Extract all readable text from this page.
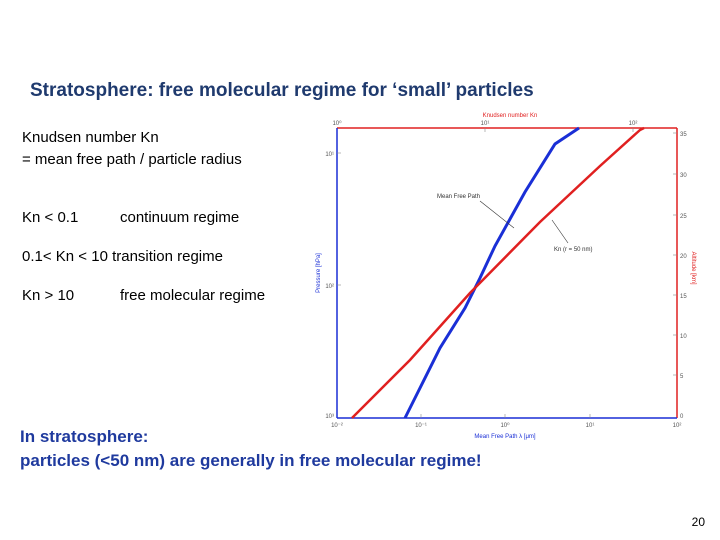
Stratosphere: free molecular regime for ‘small’ particles
Knudsen number Kn
= mean free path / particle radius
Kn < 0.1	continuum regime
0.1< Kn < 10 transition regime
Kn > 10	free molecular regime
10⁰	10¹	10²
Knudsen number Kn
10⁻²	10⁻¹	10⁰	10¹	10²
Mean Free Path λ [μm]
10¹
10²
10³
Pressure [hPa]
35
30
25
20
15
10
5
0
Altitude [km]
Mean Free Path
Kn (r = 50 nm)
In stratosphere:
particles (<50 nm) are generally in free molecular regime!
20
